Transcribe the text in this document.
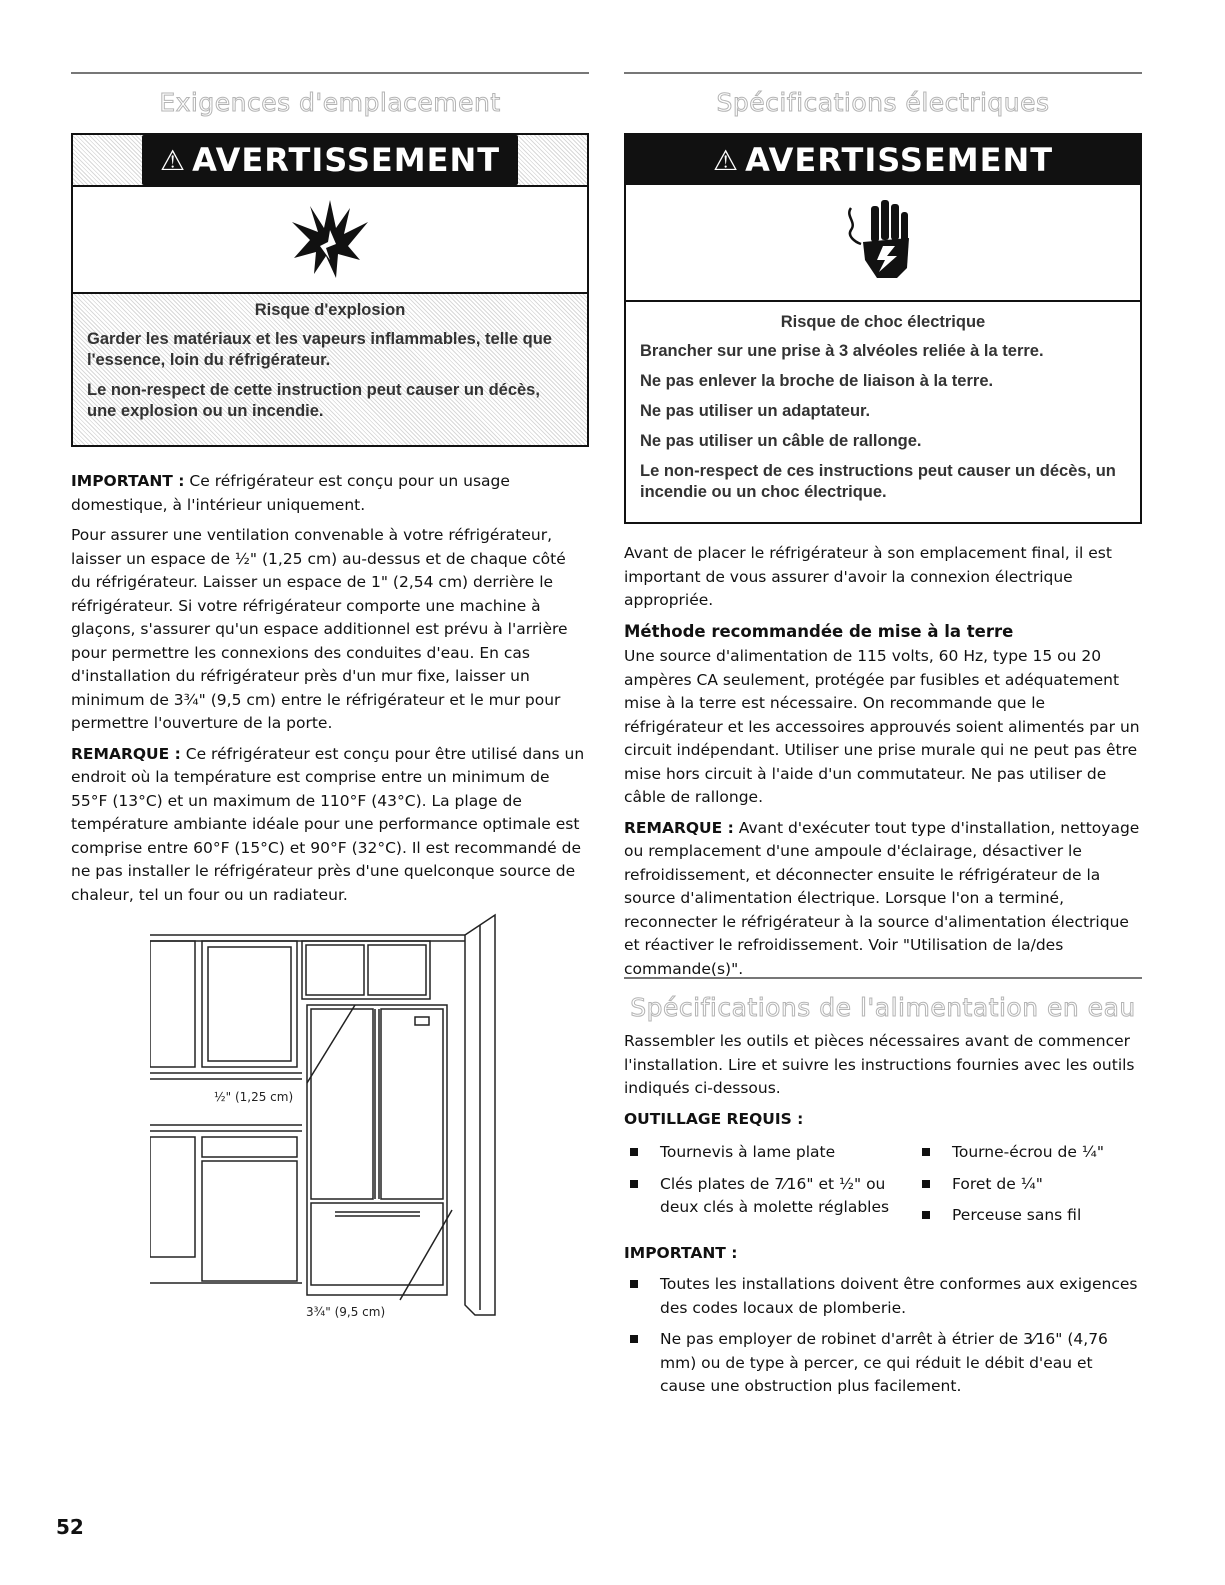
Exigences d'emplacement
⚠ AVERTISSEMENT
Risque d'explosion

Garder les matériaux et les vapeurs inflammables, telle que l'essence, loin du réfrigérateur.

Le non-respect de cette instruction peut causer un décès, une explosion ou un incendie.

IMPORTANT : Ce réfrigérateur est conçu pour un usage domestique, à l'intérieur uniquement.

Pour assurer une ventilation convenable à votre réfrigérateur, laisser un espace de ½" (1,25 cm) au-dessus et de chaque côté du réfrigérateur. Laisser un espace de 1" (2,54 cm) derrière le réfrigérateur. Si votre réfrigérateur comporte une machine à glaçons, s'assurer qu'un espace additionnel est prévu à l'arrière pour permettre les connexions des conduites d'eau. En cas d'installation du réfrigérateur près d'un mur fixe, laisser un minimum de 3¾" (9,5 cm) entre le réfrigérateur et le mur pour permettre l'ouverture de la porte.

REMARQUE : Ce réfrigérateur est conçu pour être utilisé dans un endroit où la température est comprise entre un minimum de 55°F (13°C) et un maximum de 110°F (43°C). La plage de température ambiante idéale pour une performance optimale est comprise entre 60°F (15°C) et 90°F (32°C). Il est recommandé de ne pas installer le réfrigérateur près d'une quelconque source de chaleur, tel un four ou un radiateur.

½" (1,25 cm)
3¾" (9,5 cm)
Spécifications électriques
⚠ AVERTISSEMENT
Risque de choc électrique

Brancher sur une prise à 3 alvéoles reliée à la terre.

Ne pas enlever la broche de liaison à la terre.

Ne pas utiliser un adaptateur.

Ne pas utiliser un câble de rallonge.

Le non-respect de ces instructions peut causer un décès, un incendie ou un choc électrique.

Avant de placer le réfrigérateur à son emplacement final, il est important de vous assurer d'avoir la connexion électrique appropriée.

Méthode recommandée de mise à la terre

Une source d'alimentation de 115 volts, 60 Hz, type 15 ou 20 ampères CA seulement, protégée par fusibles et adéquatement mise à la terre est nécessaire. On recommande que le réfrigérateur et les accessoires approuvés soient alimentés par un circuit indépendant. Utiliser une prise murale qui ne peut pas être mise hors circuit à l'aide d'un commutateur. Ne pas utiliser de câble de rallonge.

REMARQUE : Avant d'exécuter tout type d'installation, nettoyage ou remplacement d'une ampoule d'éclairage, désactiver le refroidissement, et déconnecter ensuite le réfrigérateur de la source d'alimentation électrique. Lorsque l'on a terminé, reconnecter le réfrigérateur à la source d'alimentation électrique et réactiver le refroidissement. Voir "Utilisation de la/des commande(s)".

Spécifications de l'alimentation en eau

Rassembler les outils et pièces nécessaires avant de commencer l'installation. Lire et suivre les instructions fournies avec les outils indiqués ci-dessous.

OUTILLAGE REQUIS :
Tournevis à lame plate
Clés plates de 7⁄16" et ½" ou deux clés à molette réglables
Tourne-écrou de ¼"
Foret de ¼"
Perceuse sans fil
IMPORTANT :
Toutes les installations doivent être conformes aux exigences des codes locaux de plomberie.
Ne pas employer de robinet d'arrêt à étrier de 3⁄16" (4,76 mm) ou de type à percer, ce qui réduit le débit d'eau et cause une obstruction plus facilement.
52
